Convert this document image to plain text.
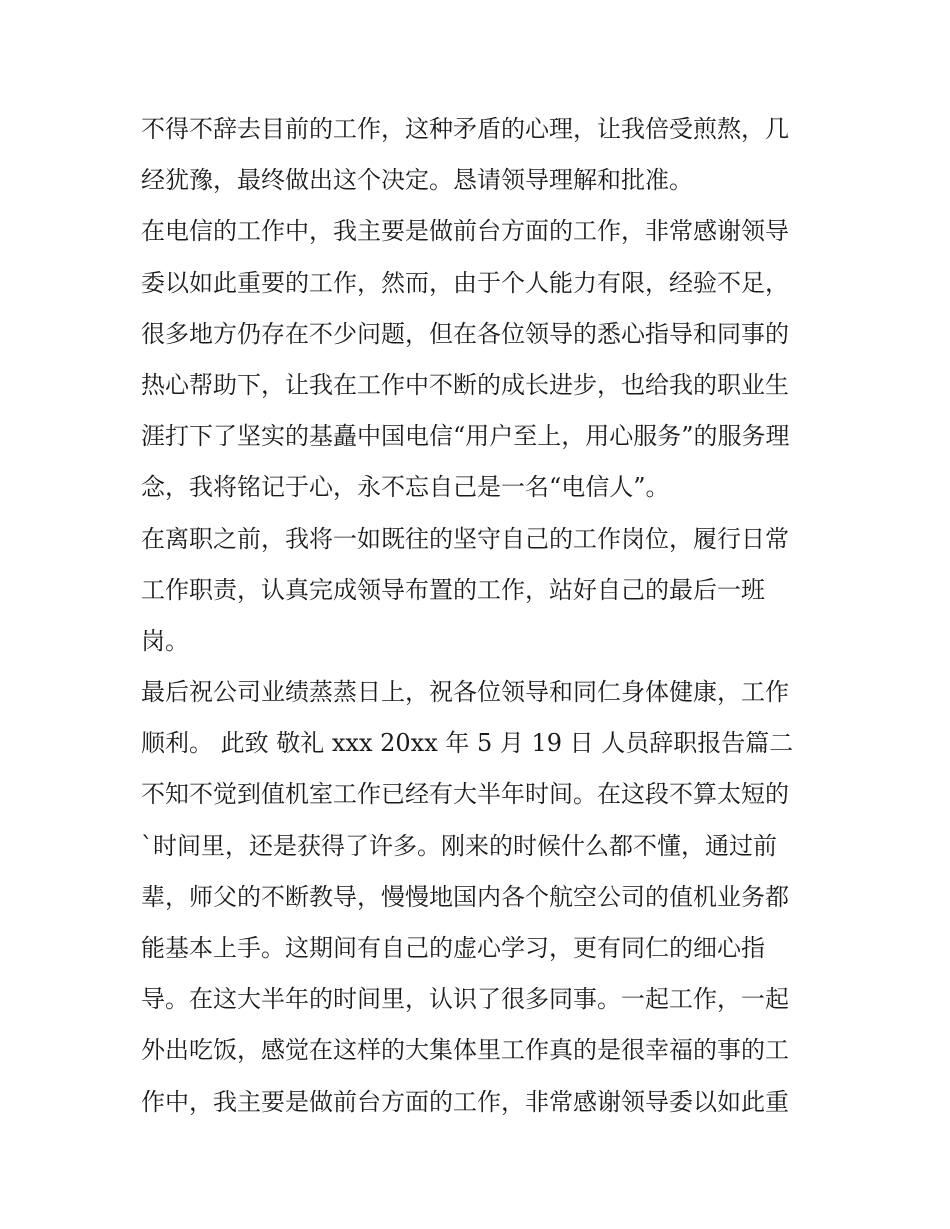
不得不辞去目前的工作，这种矛盾的心理，让我倍受煎熬，几
经犹豫，最终做出这个决定。恳请领导理解和批准。
在电信的工作中，我主要是做前台方面的工作，非常感谢领导
委以如此重要的工作，然而，由于个人能力有限，经验不足，
很多地方仍存在不少问题，但在各位领导的悉心指导和同事的
热心帮助下，让我在工作中不断的成长进步，也给我的职业生
涯打下了坚实的基矗中国电信“用户至上，用心服务”的服务理
念，我将铭记于心，永不忘自己是一名“电信人”。
在离职之前，我将一如既往的坚守自己的工作岗位，履行日常
工作职责，认真完成领导布置的工作，站好自己的最后一班
岗。
最后祝公司业绩蒸蒸日上，祝各位领导和同仁身体健康，工作
顺利。 此致 敬礼 xxx 20xx 年 5 月 19 日 人员辞职报告篇二
不知不觉到值机室工作已经有大半年时间。在这段不算太短的
`时间里，还是获得了许多。刚来的时候什么都不懂，通过前
辈，师父的不断教导，慢慢地国内各个航空公司的值机业务都
能基本上手。这期间有自己的虚心学习，更有同仁的细心指
导。在这大半年的时间里，认识了很多同事。一起工作，一起
外出吃饭，感觉在这样的大集体里工作真的是很幸福的事的工
作中，我主要是做前台方面的工作，非常感谢领导委以如此重
